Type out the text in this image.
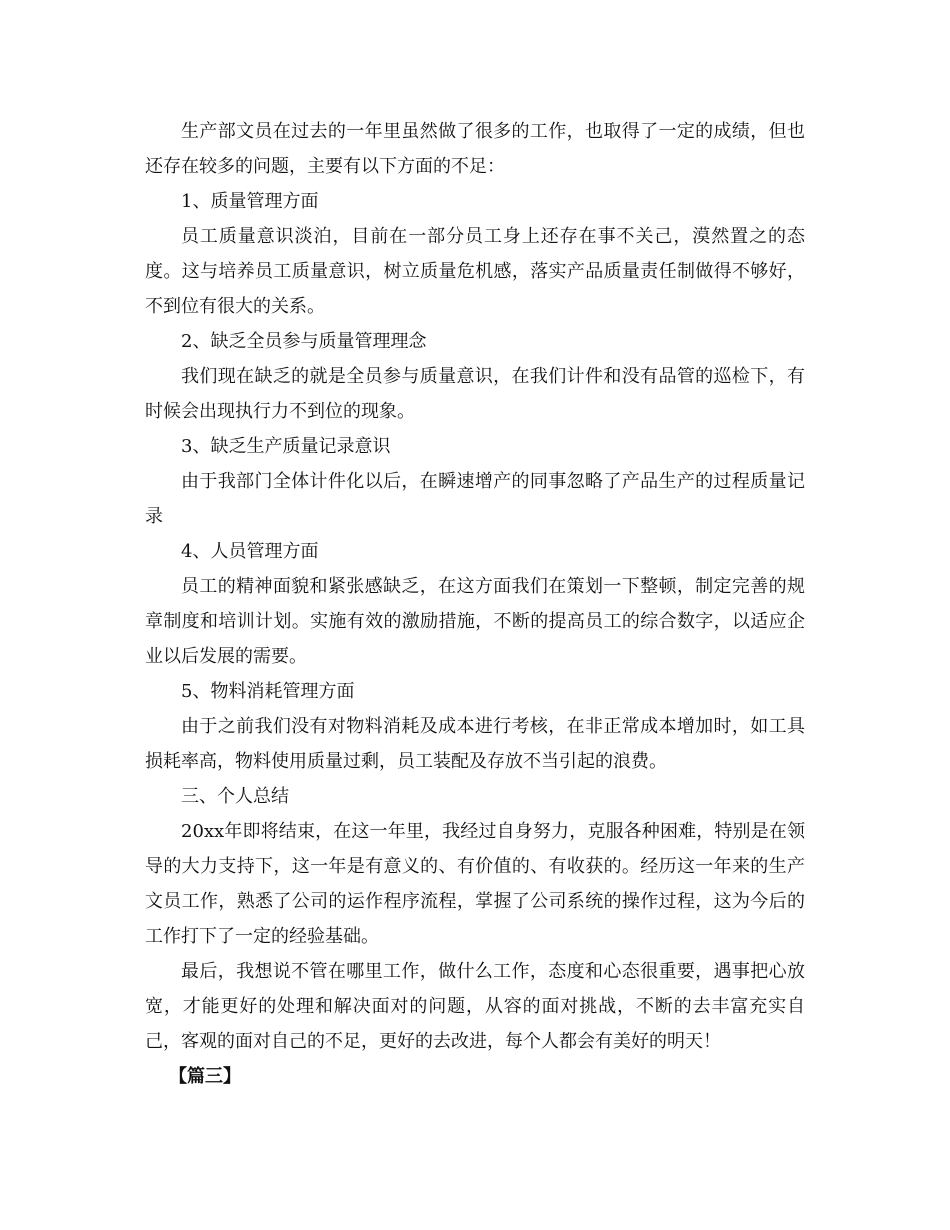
生产部文员在过去的一年里虽然做了很多的工作，也取得了一定的成绩，但也还存在较多的问题，主要有以下方面的不足：

1、质量管理方面

员工质量意识淡泊，目前在一部分员工身上还存在事不关己，漠然置之的态度。这与培养员工质量意识，树立质量危机感，落实产品质量责任制做得不够好，不到位有很大的关系。

2、缺乏全员参与质量管理理念

我们现在缺乏的就是全员参与质量意识，在我们计件和没有品管的巡检下，有时候会出现执行力不到位的现象。

3、缺乏生产质量记录意识

由于我部门全体计件化以后，在瞬速增产的同事忽略了产品生产的过程质量记录

4、人员管理方面

员工的精神面貌和紧张感缺乏，在这方面我们在策划一下整顿，制定完善的规章制度和培训计划。实施有效的激励措施，不断的提高员工的综合数字，以适应企业以后发展的需要。

5、物料消耗管理方面

由于之前我们没有对物料消耗及成本进行考核，在非正常成本增加时，如工具损耗率高，物料使用质量过剩，员工装配及存放不当引起的浪费。

三、个人总结

20xx年即将结束，在这一年里，我经过自身努力，克服各种困难，特别是在领导的大力支持下，这一年是有意义的、有价值的、有收获的。经历这一年来的生产文员工作，熟悉了公司的运作程序流程，掌握了公司系统的操作过程，这为今后的工作打下了一定的经验基础。

最后，我想说不管在哪里工作，做什么工作，态度和心态很重要，遇事把心放宽，才能更好的处理和解决面对的问题，从容的面对挑战，不断的去丰富充实自己，客观的面对自己的不足，更好的去改进，每个人都会有美好的明天！

【篇三】
